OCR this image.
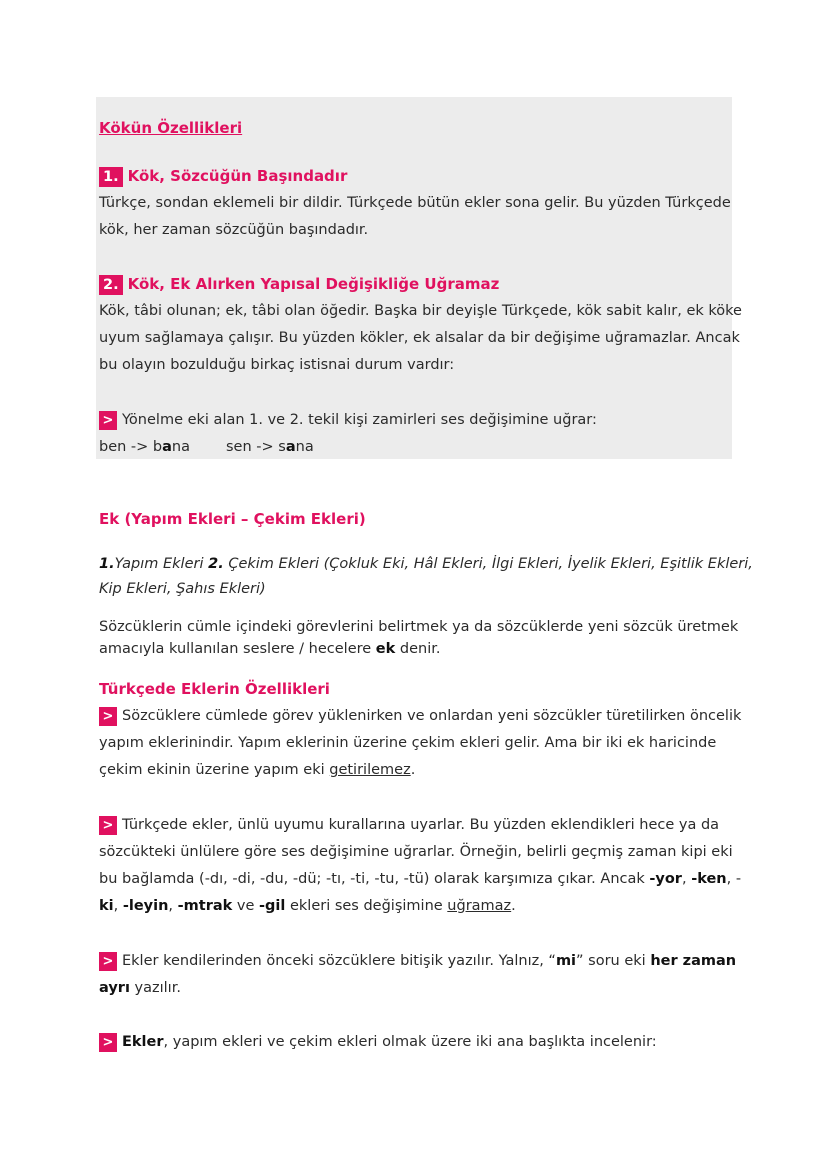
Kökün Özellikleri
1. Kök, Sözcüğün Başındadır
Türkçe, sondan eklemeli bir dildir. Türkçede bütün ekler sona gelir. Bu yüzden Türkçede
kök, her zaman sözcüğün başındadır.
2. Kök, Ek Alırken Yapısal Değişikliğe Uğramaz
Kök, tâbi olunan; ek, tâbi olan öğedir. Başka bir deyişle Türkçede, kök sabit kalır, ek köke
uyum sağlamaya çalışır. Bu yüzden kökler, ek alsalar da bir değişime uğramazlar. Ancak
bu olayın bozulduğu birkaç istisnai durum vardır:
> Yönelme eki alan 1. ve 2. tekil kişi zamirleri ses değişimine uğrar:
ben -> bana sen -> sana
Ek (Yapım Ekleri – Çekim Ekleri)
1.Yapım Ekleri 2. Çekim Ekleri (Çokluk Eki, Hâl Ekleri, İlgi Ekleri, İyelik Ekleri, Eşitlik Ekleri,
Kip Ekleri, Şahıs Ekleri)
Sözcüklerin cümle içindeki görevlerini belirtmek ya da sözcüklerde yeni sözcük üretmek
amacıyla kullanılan seslere / hecelere ek denir.
Türkçede Eklerin Özellikleri
> Sözcüklere cümlede görev yüklenirken ve onlardan yeni sözcükler türetilirken öncelik
yapım eklerinindir. Yapım eklerinin üzerine çekim ekleri gelir. Ama bir iki ek haricinde
çekim ekinin üzerine yapım eki getirilemez.
> Türkçede ekler, ünlü uyumu kurallarına uyarlar. Bu yüzden eklendikleri hece ya da
sözcükteki ünlülere göre ses değişimine uğrarlar. Örneğin, belirli geçmiş zaman kipi eki
bu bağlamda (-dı, -di, -du, -dü; -tı, -ti, -tu, -tü) olarak karşımıza çıkar. Ancak -yor, -ken, -
ki, -leyin, -mtrak ve -gil ekleri ses değişimine uğramaz.
> Ekler kendilerinden önceki sözcüklere bitişik yazılır. Yalnız, “mi” soru eki her zaman
ayrı yazılır.
> Ekler, yapım ekleri ve çekim ekleri olmak üzere iki ana başlıkta incelenir:
